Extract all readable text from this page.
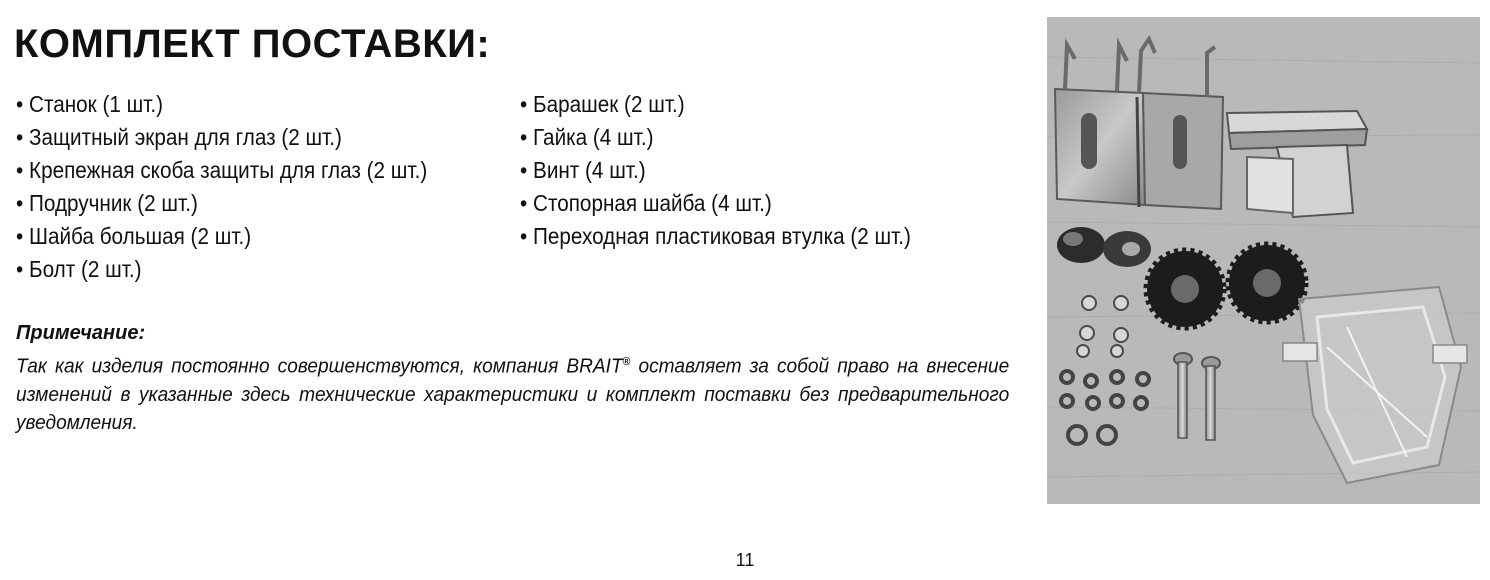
КОМПЛЕКТ ПОСТАВКИ:
• Станок (1 шт.)
• Защитный экран для глаз (2 шт.)
• Крепежная скоба защиты для глаз (2 шт.)
• Подручник (2 шт.)
• Шайба большая (2 шт.)
• Болт (2 шт.)
• Барашек (2 шт.)
• Гайка (4 шт.)
• Винт (4 шт.)
• Стопорная шайба (4 шт.)
• Переходная пластиковая втулка (2 шт.)

Примечание:

Так как изделия постоянно совершенствуются, компания BRAIT® оставляет за собой право на внесение изменений в указанные здесь технические характеристики и комплект поставки без предварительного уведомления.

11
